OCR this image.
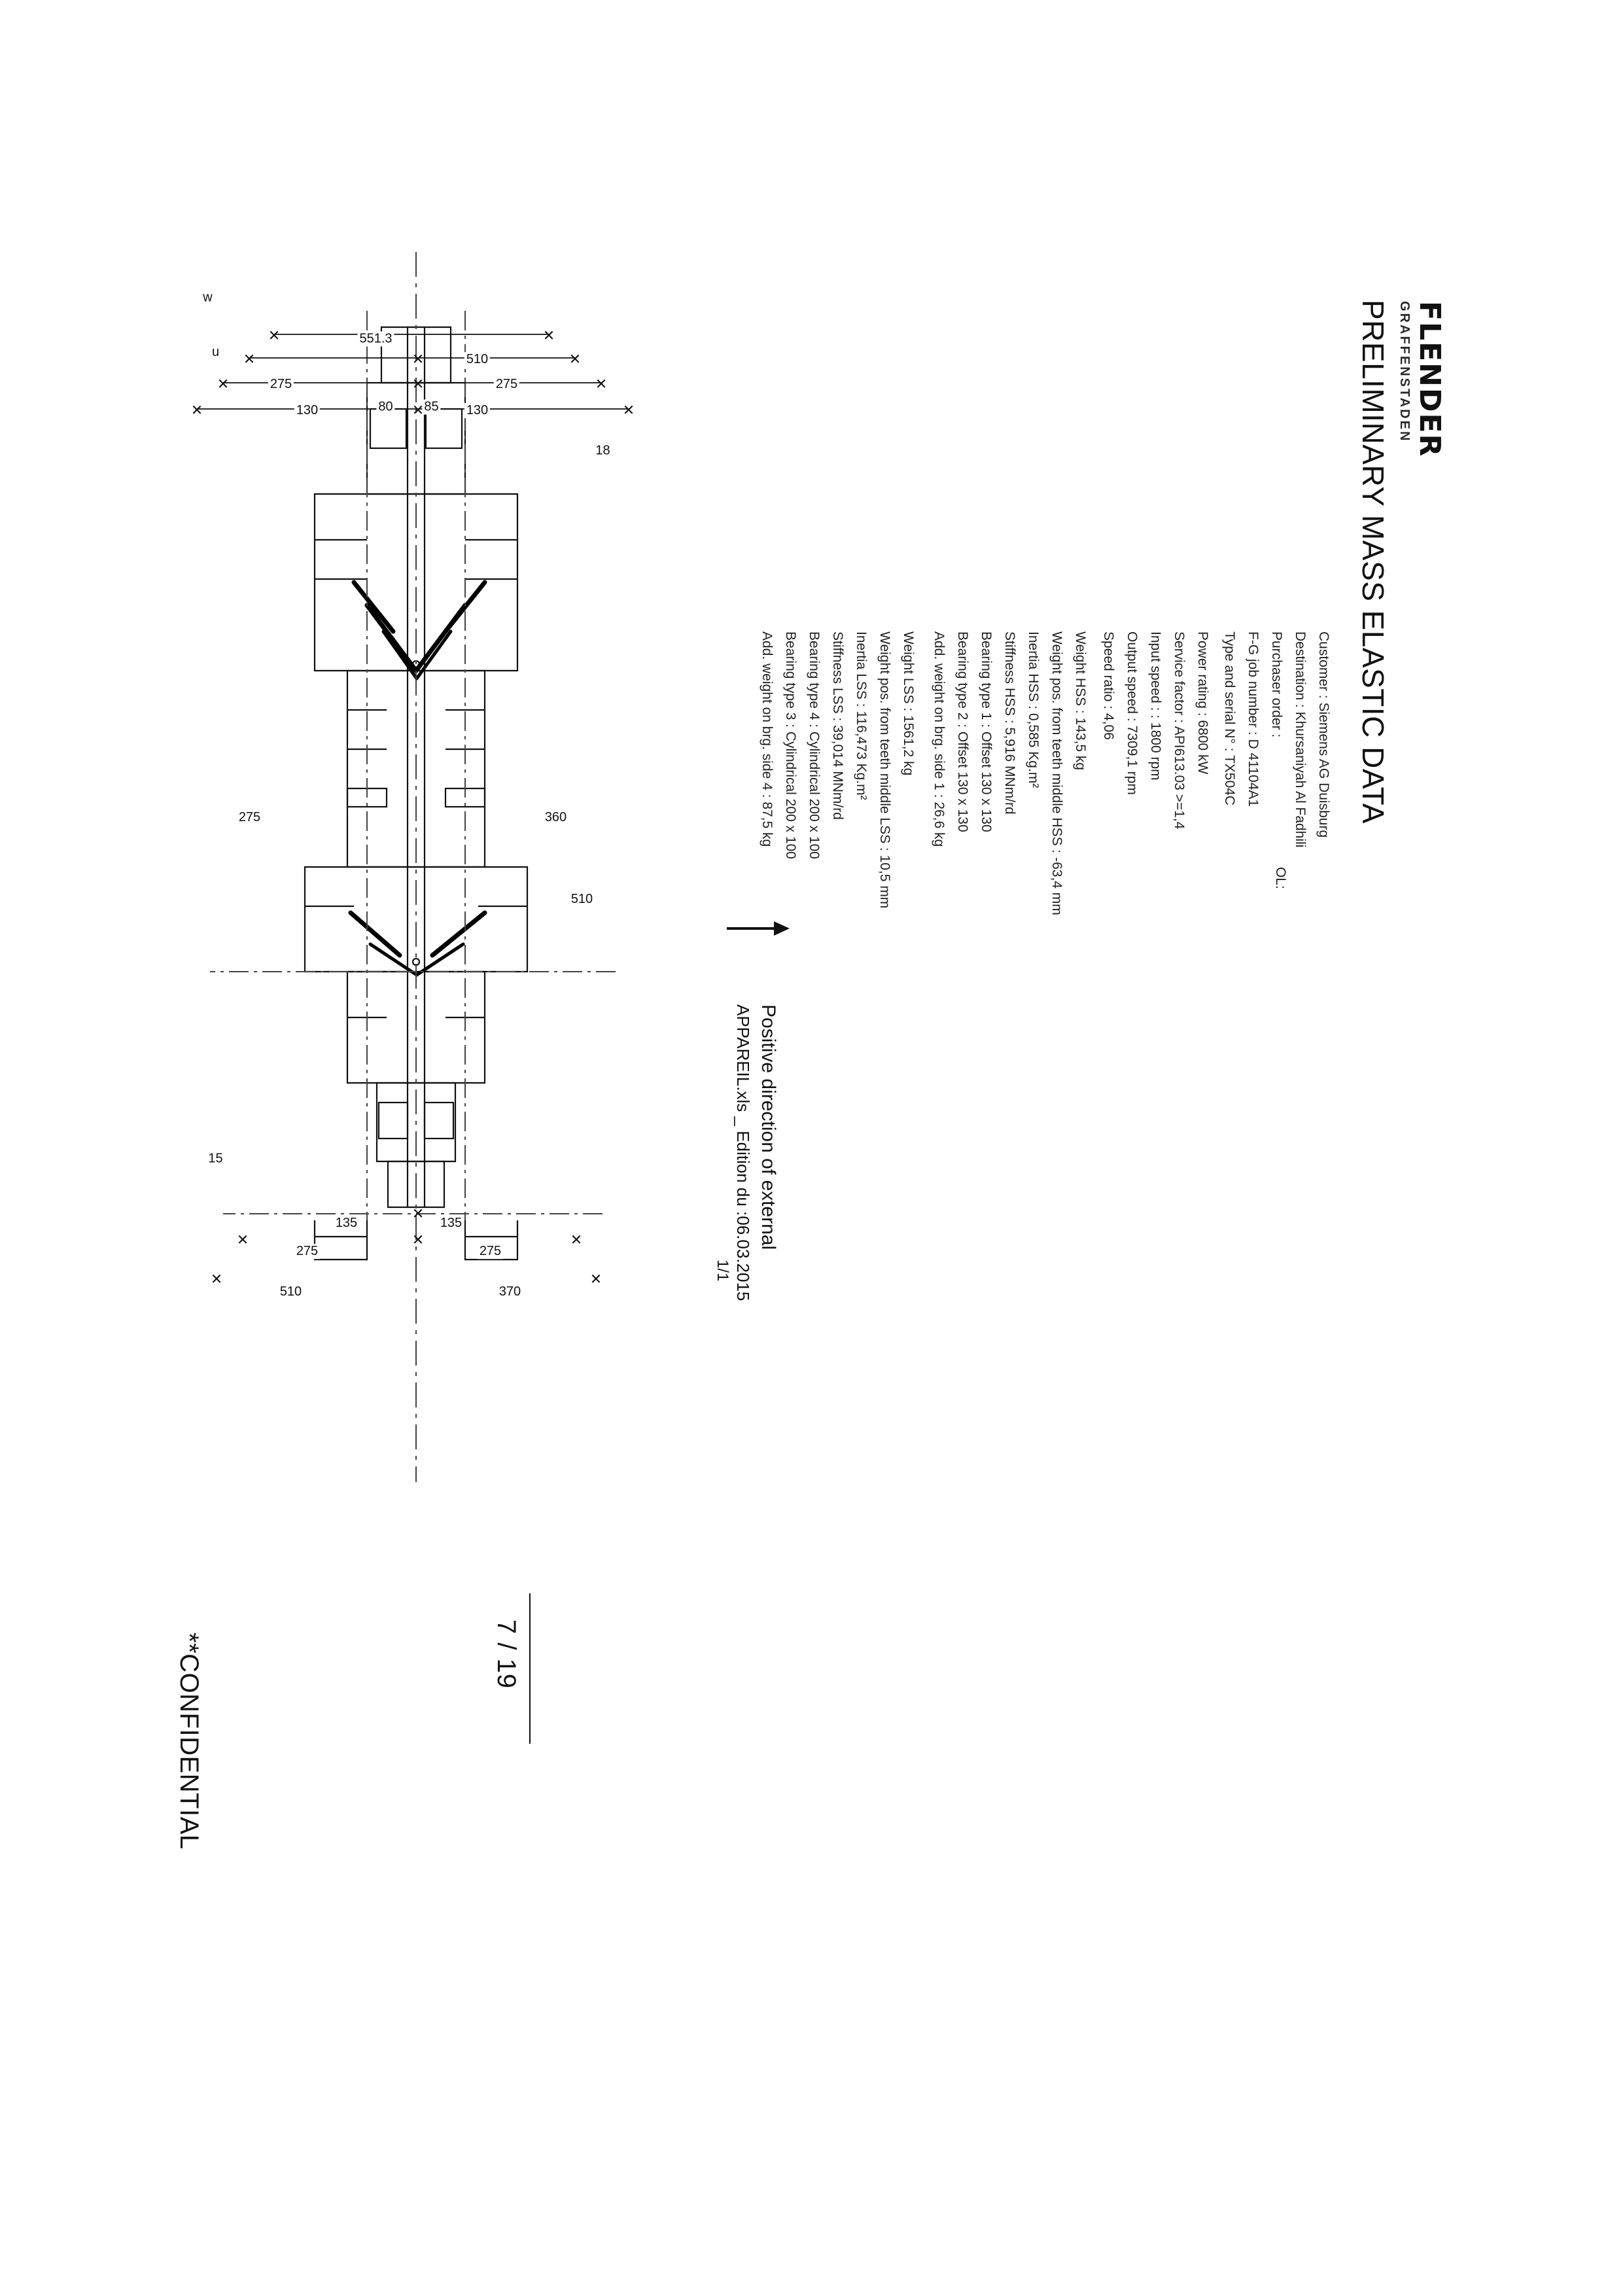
FLENDER
GRAFFENSTADEN
PRELIMINARY MASS ELASTIC DATA
Customer : Siemens AG Duisburg
Destination : Khursaniyah Al Fadhili
Purchaser order :
F-G job number : D 41104A1
Type and serial N° : TX504C
OL:
Power rating : 6800 kW
Service factor : API613.03 >=1,4
Input speed : : 1800 rpm
Output speed : 7309,1 rpm
Speed ratio : 4,06
Weight HSS : 143,5 kg
Weight pos. from teeth middle HSS : -63,4 mm
Inertia HSS : 0,585 Kg.m²
Stiffness HSS : 5,916 MNm/rd
Bearing type 1 : Offset 130 x 130
Bearing type 2 : Offset 130 x 130
Add. weight on brg. side 1 : 26,6 kg
Weight LSS : 1561,2 kg
Weight pos. from teeth middle LSS : 10,5 mm
Inertia LSS : 116,473 Kg.m²
Stiffness LSS : 39,014 MNm/rd
Bearing type 4 : Cylindrical 200 x 100
Bearing type 3 : Cylindrical 200 x 100
Add. weight on brg. side 4 : 87,5 kg
Positive direction of external
APPAREIL.xls _ Edition du :06.03.2015
1/1
7 / 19
**CONFIDENTIAL
551.3
510
275
275
130
130	85
80
135
135
275
275
370
510
360
510
275
18
15
w
u
✕
✕
✕
✕
✕
✕
✕
✕
✕
✕
✕
✕
✕	✕
✕
✕
✕
